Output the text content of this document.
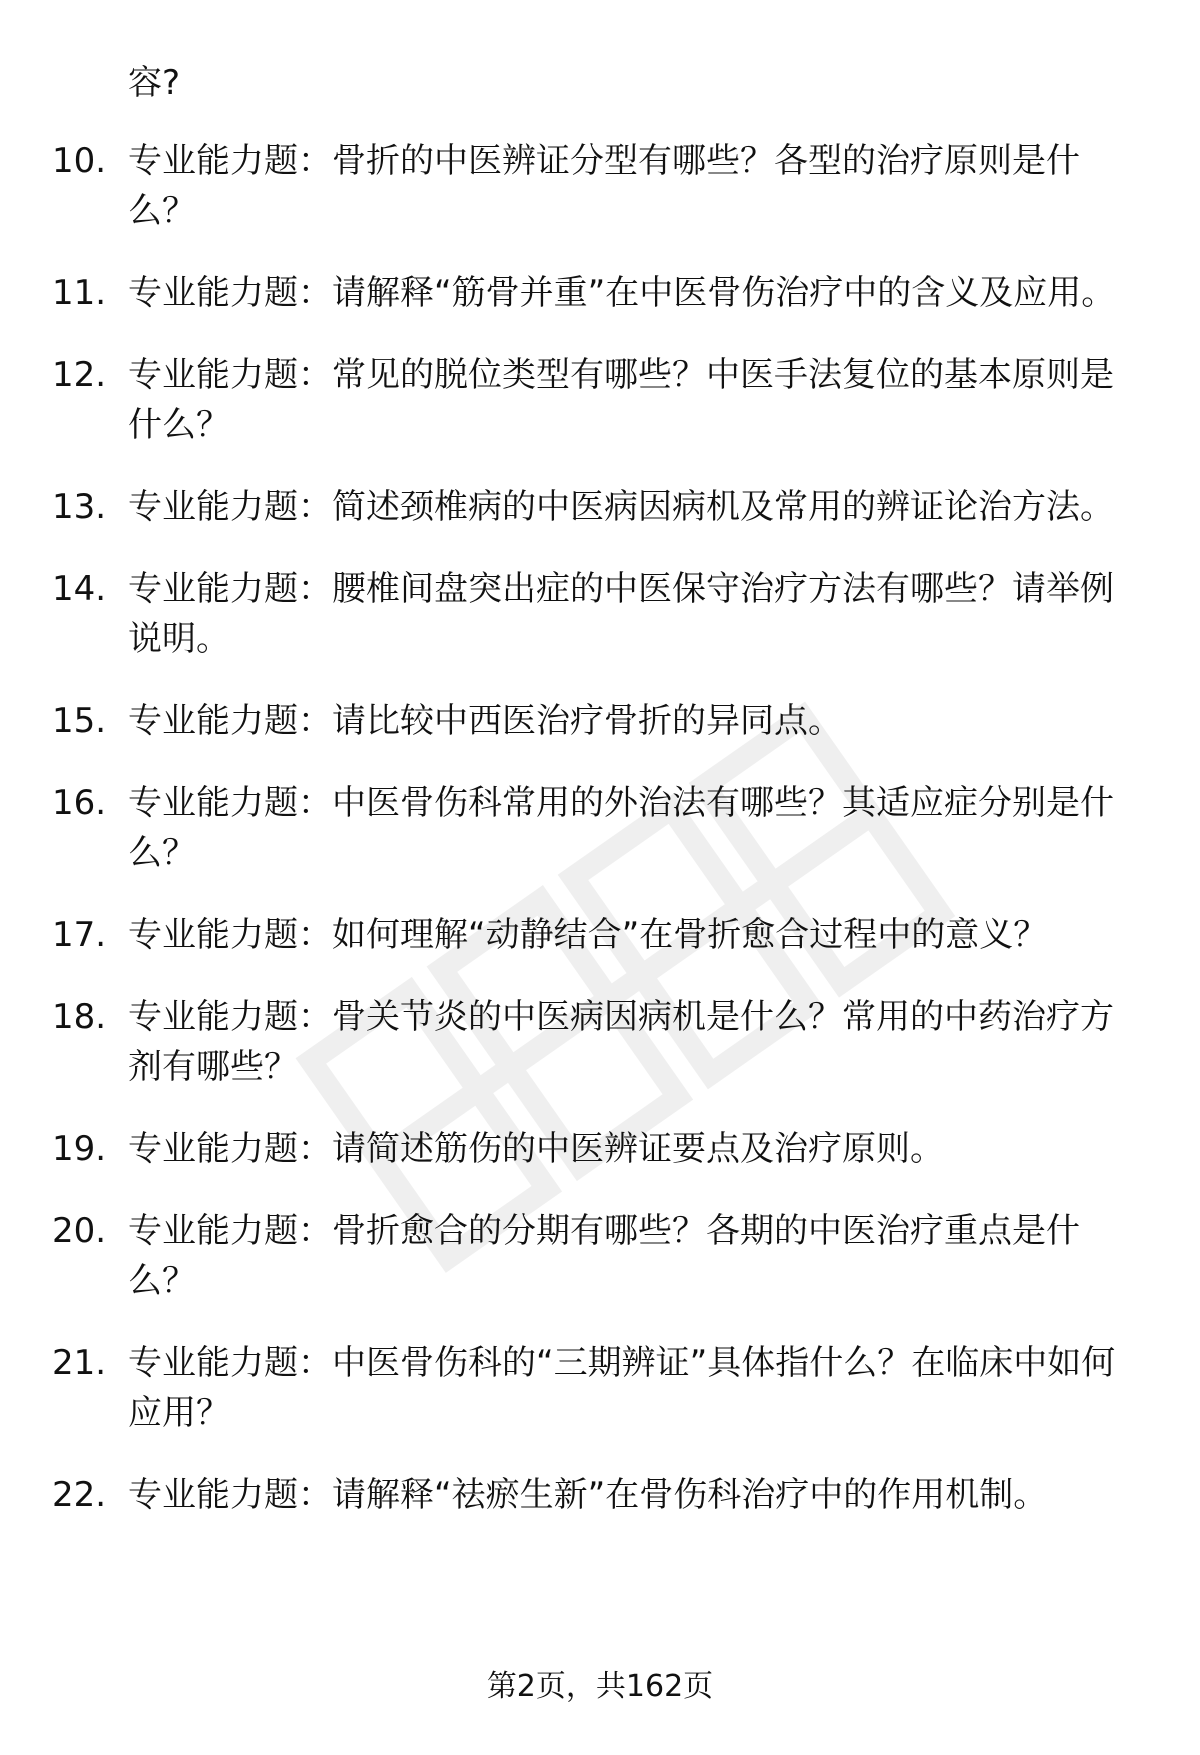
容?
10. 专业能力题：骨折的中医辨证分型有哪些？各型的治疗原则是什么？
11. 专业能力题：请解释“筋骨并重”在中医骨伤治疗中的含义及应用。
12. 专业能力题：常见的脱位类型有哪些？中医手法复位的基本原则是什么？
13. 专业能力题：简述颈椎病的中医病因病机及常用的辨证论治方法。
14. 专业能力题：腰椎间盘突出症的中医保守治疗方法有哪些？请举例说明。
15. 专业能力题：请比较中西医治疗骨折的异同点。
16. 专业能力题：中医骨伤科常用的外治法有哪些？其适应症分别是什么？
17. 专业能力题：如何理解“动静结合”在骨折愈合过程中的意义？
18. 专业能力题：骨关节炎的中医病因病机是什么？常用的中药治疗方剂有哪些？
19. 专业能力题：请简述筋伤的中医辨证要点及治疗原则。
20. 专业能力题：骨折愈合的分期有哪些？各期的中医治疗重点是什么？
21. 专业能力题：中医骨伤科的“三期辨证”具体指什么？在临床中如何应用？
22. 专业能力题：请解释“祛瘀生新”在骨伤科治疗中的作用机制。
第2页，共162页
